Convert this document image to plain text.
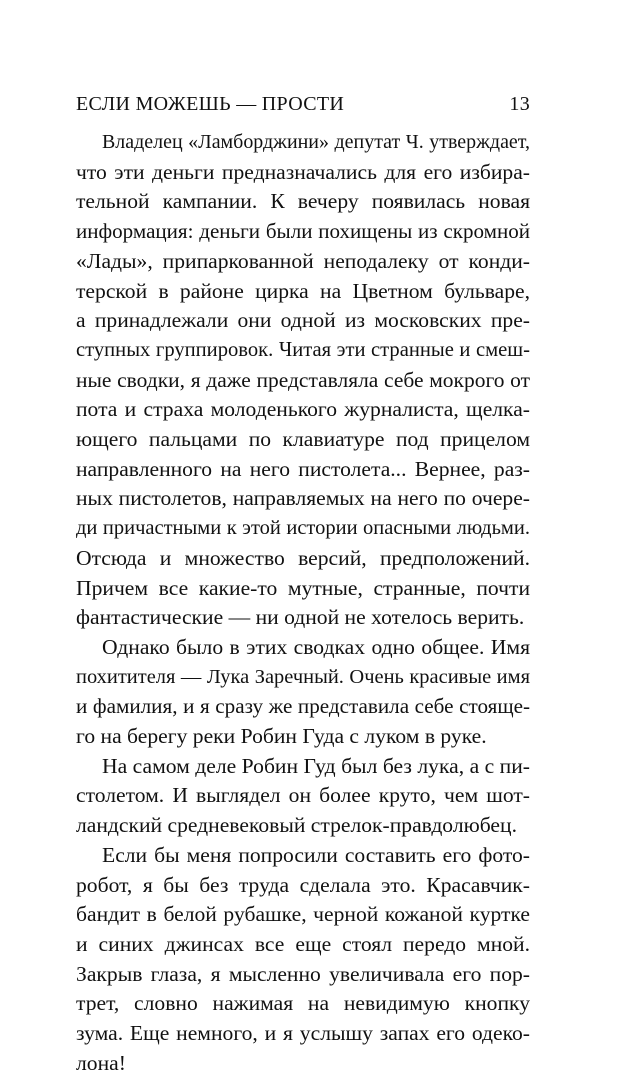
ЕСЛИ МОЖЕШЬ — ПРОСТИ	13
Владелец «Ламборджини» депутат Ч. утверждает,
что эти деньги предназначались для его избира-
тельной кампании. К вечеру появилась новая
информация: деньги были похищены из скромной
«Лады», припаркованной неподалеку от конди-
терской в районе цирка на Цветном бульваре,
а принадлежали они одной из московских пре-
ступных группировок. Читая эти странные и смеш-
ные сводки, я даже представляла себе мокрого от
пота и страха молоденького журналиста, щелка-
ющего пальцами по клавиатуре под прицелом
направленного на него пистолета... Вернее, раз-
ных пистолетов, направляемых на него по очере-
ди причастными к этой истории опасными людьми.
Отсюда и множество версий, предположений.
Причем все какие-то мутные, странные, почти
фантастические — ни одной не хотелось верить.
Однако было в этих сводках одно общее. Имя
похитителя — Лука Заречный. Очень красивые имя
и фамилия, и я сразу же представила себе стояще-
го на берегу реки Робин Гуда с луком в руке.
На самом деле Робин Гуд был без лука, а с пи-
столетом. И выглядел он более круто, чем шот-
ландский средневековый стрелок-правдолюбец.
Если бы меня попросили составить его фото-
робот, я бы без труда сделала это. Красавчик-
бандит в белой рубашке, черной кожаной куртке
и синих джинсах все еще стоял передо мной.
Закрыв глаза, я мысленно увеличивала его пор-
трет, словно нажимая на невидимую кнопку
зума. Еще немного, и я услышу запах его одеко-
лона!
